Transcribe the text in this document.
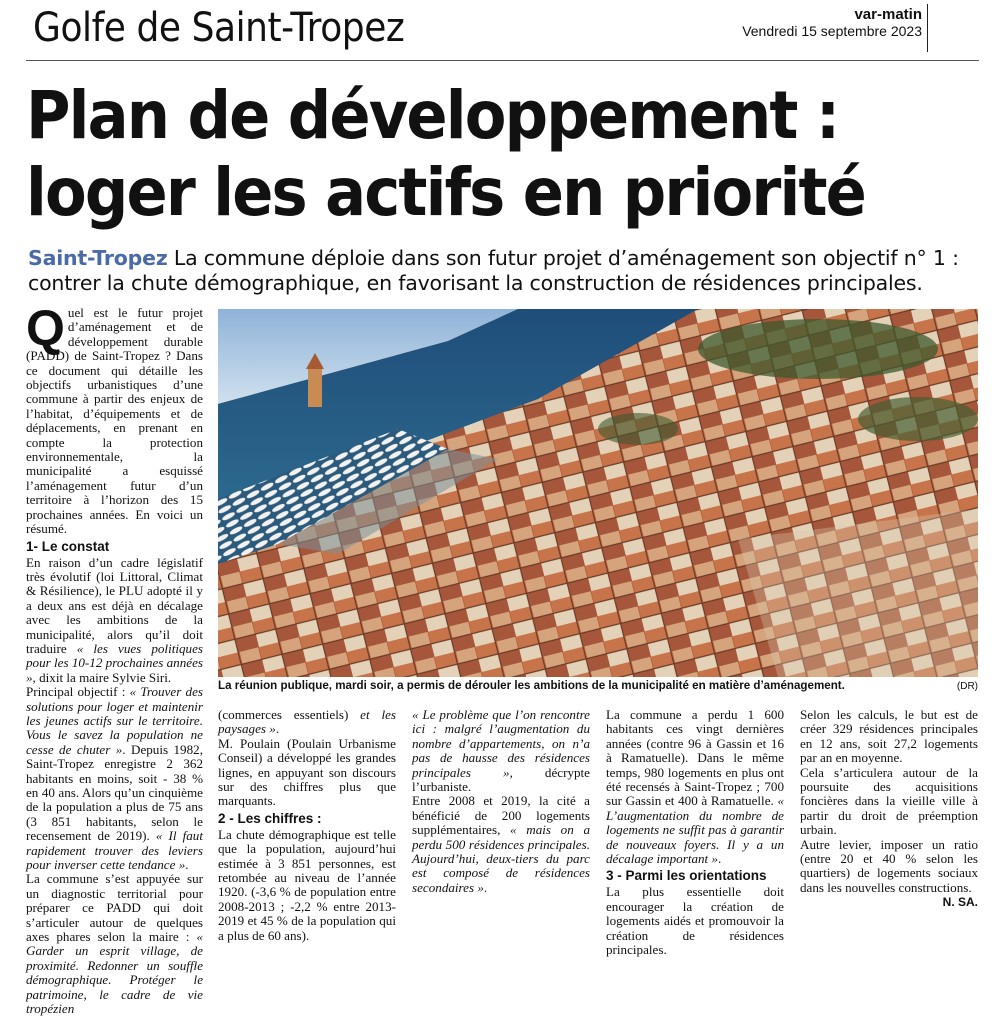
Golfe de Saint-Tropez	var-matin
Vendredi 15 septembre 2023
Plan de développement :
loger les actifs en priorité
Saint-Tropez La commune déploie dans son futur projet d’aménagement son objectif n° 1 : contrer la chute démographique, en favorisant la construction de résidences principales.
La réunion publique, mardi soir, a permis de dérouler les ambitions de la municipalité en matière d’aménagement.	(DR)

Quel est le futur projet d’aménagement et de développement durable (PADD) de Saint-Tropez ? Dans ce document qui détaille les objectifs urbanistiques d’une commune à partir des enjeux de l’habitat, d’équipements et de déplacements, en prenant en compte la protection environnementale, la municipalité a esquissé l’aménagement futur d’un territoire à l’horizon des 15 prochaines années. En voici un résumé.

1- Le constat

En raison d’un cadre législatif très évolutif (loi Littoral, Climat & Résilience), le PLU adopté il y a deux ans est déjà en décalage avec les ambitions de la municipalité, alors qu’il doit traduire « les vues politiques pour les 10-12 prochaines années », dixit la maire Sylvie Siri.

Principal objectif : « Trouver des solutions pour loger et maintenir les jeunes actifs sur le territoire. Vous le savez la population ne cesse de chuter ». Depuis 1982, Saint-Tropez enregistre 2 362 habitants en moins, soit - 38 % en 40 ans. Alors qu’un cinquième de la population a plus de 75 ans (3 851 habitants, selon le recensement de 2019). « Il faut rapidement trouver des leviers pour inverser cette tendance ».

La commune s’est appuyée sur un diagnostic territorial pour préparer ce PADD qui doit s’articuler autour de quelques axes phares selon la maire : « Garder un esprit village, de proximité. Redonner un souffle démographique. Protéger le patrimoine, le cadre de vie tropézien

(commerces essentiels) et les paysages ».

M. Poulain (Poulain Urbanisme Conseil) a développé les grandes lignes, en appuyant son discours sur des chiffres plus que marquants.

2 - Les chiffres :

La chute démographique est telle que la population, aujourd’hui estimée à 3 851 personnes, est retombée au niveau de l’année 1920. (-3,6 % de population entre 2008-2013 ; -2,2 % entre 2013-2019 et 45 % de la population qui a plus de 60 ans).

« Le problème que l’on rencontre ici : malgré l’augmentation du nombre d’appartements, on n’a pas de hausse des résidences principales », décrypte l’urbaniste.

Entre 2008 et 2019, la cité a bénéficié de 200 logements supplémentaires, « mais on a perdu 500 résidences principales. Aujourd’hui, deux-tiers du parc est composé de résidences secondaires ».

La commune a perdu 1 600 habitants ces vingt dernières années (contre 96 à Gassin et 16 à Ramatuelle). Dans le même temps, 980 logements en plus ont été recensés à Saint-Tropez ; 700 sur Gassin et 400 à Ramatuelle. « L’augmentation du nombre de logements ne suffit pas à garantir de nouveaux foyers. Il y a un décalage important ».

3 - Parmi les orientations

La plus essentielle doit encourager la création de logements aidés et promouvoir la création de résidences principales.

Selon les calculs, le but est de créer 329 résidences principales en 12 ans, soit 27,2 logements par an en moyenne.

Cela s’articulera autour de la poursuite des acquisitions foncières dans la vieille ville à partir du droit de préemption urbain.

Autre levier, imposer un ratio (entre 20 et 40 % selon les quartiers) de logements sociaux dans les nouvelles constructions.

N. SA.
